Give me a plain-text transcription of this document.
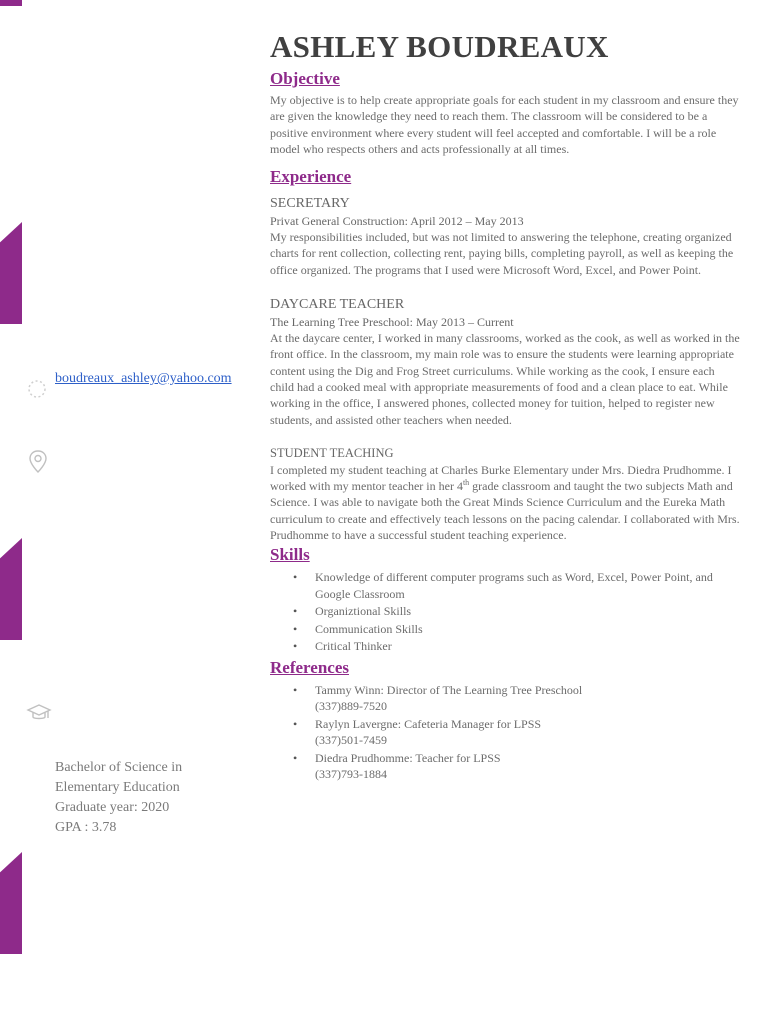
boudreaux_ashley@yahoo.com
Bachelor of Science in
Elementary Education
Graduate year: 2020
GPA : 3.78
ASHLEY BOUDREAUX
Objective

My objective is to help create appropriate goals for each student in my classroom and ensure they are given the knowledge they need to reach them. The classroom will be considered to be a positive environment where every student will feel accepted and comfortable. I will be a role model who respects others and acts professionally at all times.

Experience
SECRETARY
Privat General Construction: April 2012 – May 2013

My responsibilities included, but was not limited to answering the telephone, creating organized charts for rent collection, collecting rent, paying bills, completing payroll, as well as keeping the office organized. The programs that I used were Microsoft Word, Excel, and Power Point.

DAYCARE TEACHER
The Learning Tree Preschool: May 2013 – Current

At the daycare center, I worked in many classrooms, worked as the cook, as well as worked in the front office. In the classroom, my main role was to ensure the students were learning appropriate content using the Dig and Frog Street curriculums. While working as the cook, I ensure each child had a cooked meal with appropriate measurements of food and a clean place to eat. While working in the office, I answered phones, collected money for tuition, helped to register new students, and assisted other teachers when needed.

STUDENT TEACHING

I completed my student teaching at Charles Burke Elementary under Mrs. Diedra Prudhomme. I worked with my mentor teacher in her 4th grade classroom and taught the two subjects Math and Science. I was able to navigate both the Great Minds Science Curriculum and the Eureka Math curriculum to create and effectively teach lessons on the pacing calendar. I collaborated with Mrs. Prudhomme to have a successful student teaching experience.

Skills
• Knowledge of different computer programs such as Word, Excel, Power Point, and Google Classroom
• Organiztional Skills
• Communication Skills
• Critical Thinker
References
• Tammy Winn: Director of The Learning Tree Preschool
(337)889-7520
• Raylyn Lavergne: Cafeteria Manager for LPSS
(337)501-7459
• Diedra Prudhomme: Teacher for LPSS
(337)793-1884
